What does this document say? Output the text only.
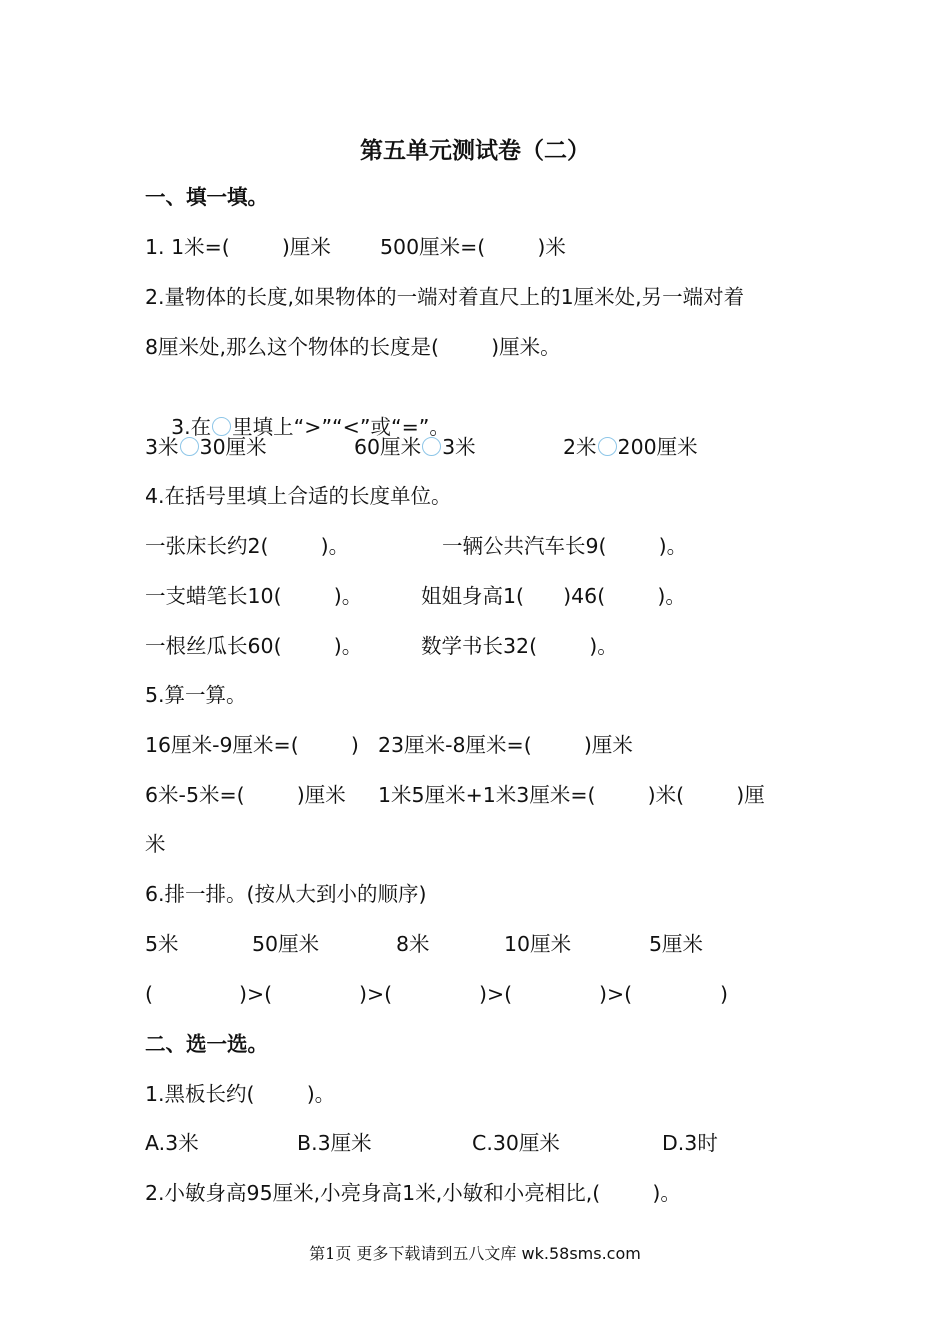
第五单元测试卷（二）
一、填一填。

1. 1米=(        )厘米

500厘米=(        )米

2.量物体的长度,如果物体的一端对着直尺上的1厘米处,另一端对着
8厘米处,那么这个物体的长度是(        )厘米。

3.在 里填上“>”“<”或“=”。

3米 30厘米

	60厘米 3米

	2米 200厘米

4.在括号里填上合适的长度单位。

一张床长约2(        )。

	一辆公共汽车长9(        )。

一支蜡笔长10(        )。

	姐姐身高1(      )46(        )。

一根丝瓜长60(        )。

	数学书长32(        )。

5.算一算。

16厘米-9厘米=(        )

23厘米-8厘米=(        )厘米

6米-5米=(        )厘米

1米5厘米+1米3厘米=(        )米(        )厘

米
6.排一排。(按从大到小的顺序)

5米

	50厘米

	8米

	10厘米

	5厘米

(

	)>(

	)>(

	)>(

	)>(

	)

二、选一选。
1.黑板长约(        )。

A.3米

	B.3厘米

	C.30厘米

	D.3时

2.小敏身高95厘米,小亮身高1米,小敏和小亮相比,(        )。
第1页 更多下载请到五八文库 wk.58sms.com
